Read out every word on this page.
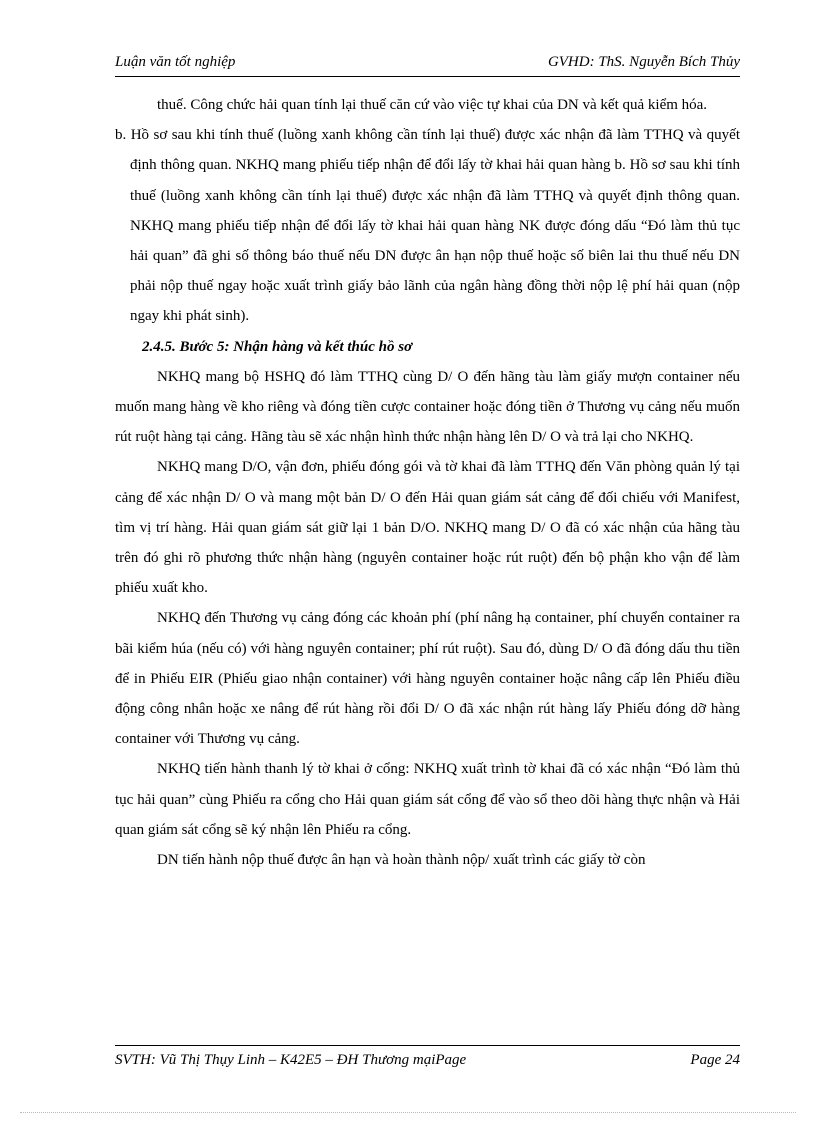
Luận văn tốt nghiệp	GVHD: ThS. Nguyễn Bích Thủy

thuế. Công chức hải quan tính lại thuế căn cứ vào việc tự khai của DN và kết quả kiểm hóa.

b. Hồ sơ sau khi tính thuế (luồng xanh không cần tính lại thuế) được xác nhận đã làm TTHQ và quyết định thông quan. NKHQ mang phiếu tiếp nhận để đổi lấy tờ khai hải quan hàng b. Hồ sơ sau khi tính thuế (luồng xanh không cần tính lại thuế) được xác nhận đã làm TTHQ và quyết định thông quan. NKHQ mang phiếu tiếp nhận để đổi lấy tờ khai hải quan hàng NK được đóng dấu “Đó làm thủ tục hải quan” đã ghi số thông báo thuế nếu DN được ân hạn nộp thuế hoặc số biên lai thu thuế nếu DN phải nộp thuế ngay hoặc xuất trình giấy bảo lãnh của ngân hàng đồng thời nộp lệ phí hải quan (nộp ngay khi phát sinh).

2.4.5. Bước 5: Nhận hàng và kết thúc hồ sơ

NKHQ mang bộ HSHQ đó làm TTHQ cùng D/ O đến hãng tàu làm giấy mượn container nếu muốn mang hàng về kho riêng và đóng tiền cược container hoặc đóng tiền ở Thương vụ cảng nếu muốn rút ruột hàng tại cảng. Hãng tàu sẽ xác nhận hình thức nhận hàng lên D/ O và trả lại cho NKHQ.

NKHQ mang D/O, vận đơn, phiếu đóng gói và tờ khai đã làm TTHQ đến Văn phòng quản lý tại cảng để xác nhận D/ O và mang một bản D/ O đến Hải quan giám sát cảng để đối chiếu với Manifest, tìm vị trí hàng. Hải quan giám sát giữ lại 1 bản D/O. NKHQ mang D/ O đã có xác nhận của hãng tàu trên đó ghi rõ phương thức nhận hàng (nguyên container hoặc rút ruột) đến bộ phận kho vận để làm phiếu xuất kho.

NKHQ đến Thương vụ cảng đóng các khoản phí (phí nâng hạ container, phí chuyển container ra bãi kiểm húa (nếu có) với hàng nguyên container; phí rút ruột). Sau đó, dùng D/ O đã đóng dấu thu tiền để in Phiếu EIR (Phiếu giao nhận container) với hàng nguyên container hoặc nâng cấp lên Phiếu điều động công nhân hoặc xe nâng để rút hàng rồi đổi D/ O đã xác nhận rút hàng lấy Phiếu đóng dỡ hàng container với Thương vụ cảng.

NKHQ tiến hành thanh lý tờ khai ở cổng: NKHQ xuất trình tờ khai đã có xác nhận “Đó làm thủ tục hải quan” cùng Phiếu ra cổng cho Hải quan giám sát cổng để vào sổ theo dõi hàng thực nhận và Hải quan giám sát cổng sẽ ký nhận lên Phiếu ra cổng.

DN tiến hành nộp thuế được ân hạn và hoàn thành nộp/ xuất trình các giấy tờ còn

SVTH: Vũ Thị Thụy Linh – K42E5 – ĐH Thương mạiPage	Page 24
